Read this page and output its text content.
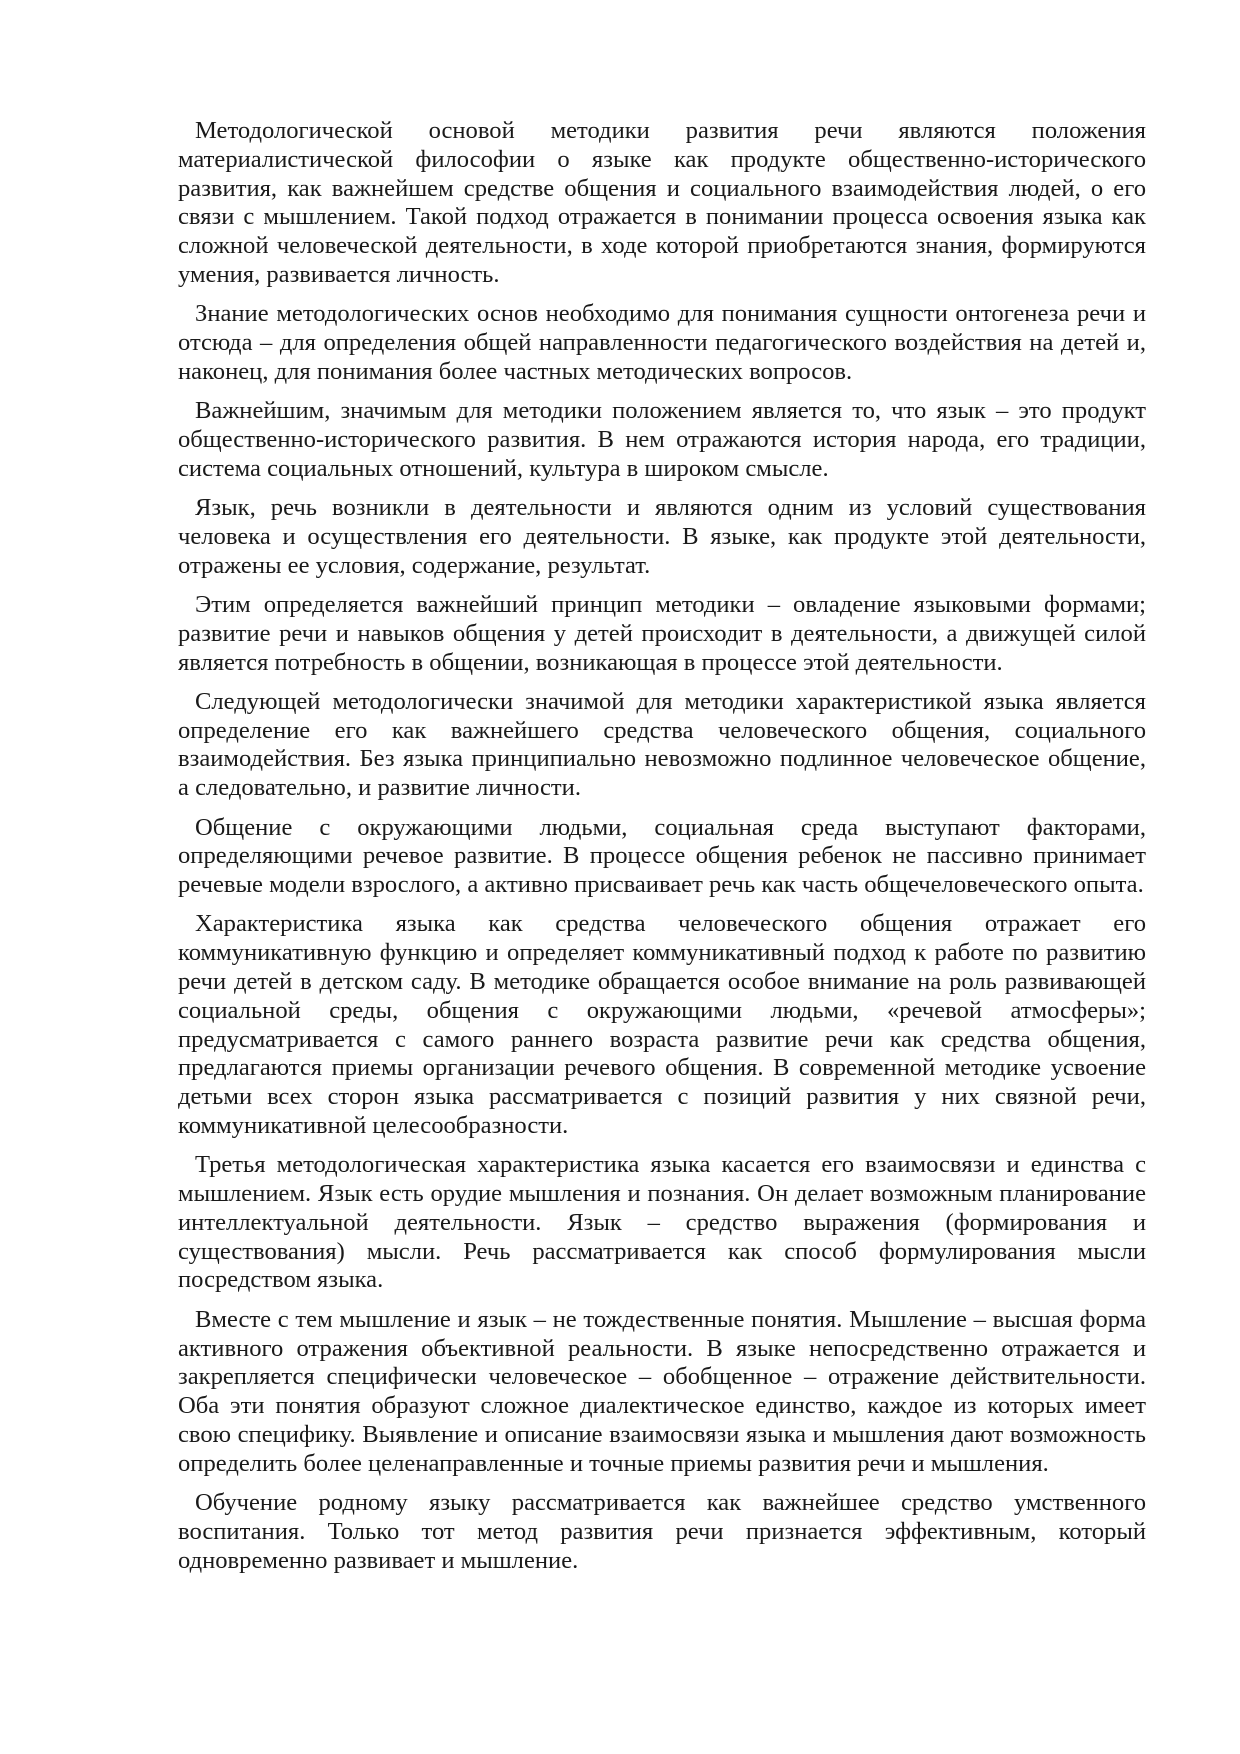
Методологической основой методики развития речи являются положения материалистической философии о языке как продукте общественно-исторического развития, как важнейшем средстве общения и социального взаимодействия людей, о его связи с мышлением. Такой подход отражается в понимании процесса освоения языка как сложной человеческой деятельности, в ходе которой приобретаются знания, формируются умения, развивается личность.

Знание методологических основ необходимо для понимания сущности онтогенеза речи и отсюда – для определения общей направленности педагогического воздействия на детей и, наконец, для понимания более частных методических вопросов.

Важнейшим, значимым для методики положением является то, что язык – это продукт общественно-исторического развития. В нем отражаются история народа, его традиции, система социальных отношений, культура в широком смысле.

Язык, речь возникли в деятельности и являются одним из условий существования человека и осуществления его деятельности. В языке, как продукте этой деятельности, отражены ее условия, содержание, результат.

Этим определяется важнейший принцип методики – овладение языковыми формами; развитие речи и навыков общения у детей происходит в деятельности, а движущей силой является потребность в общении, возникающая в процессе этой деятельности.

Следующей методологически значимой для методики характеристикой языка является определение его как важнейшего средства человеческого общения, социального взаимодействия. Без языка принципиально невозможно подлинное человеческое общение, а следовательно, и развитие личности.

Общение с окружающими людьми, социальная среда выступают факторами, определяющими речевое развитие. В процессе общения ребенок не пассивно принимает речевые модели взрослого, а активно присваивает речь как часть общечеловеческого опыта.

Характеристика языка как средства человеческого общения отражает его коммуникативную функцию и определяет коммуникативный подход к работе по развитию речи детей в детском саду. В методике обращается особое внимание на роль развивающей социальной среды, общения с окружающими людьми, «речевой атмосферы»; предусматривается с самого раннего возраста развитие речи как средства общения, предлагаются приемы организации речевого общения. В современной методике усвоение детьми всех сторон языка рассматривается с позиций развития у них связной речи, коммуникативной целесообразности.

Третья методологическая характеристика языка касается его взаимосвязи и единства с мышлением. Язык есть орудие мышления и познания. Он делает возможным планирование интеллектуальной деятельности. Язык – средство выражения (формирования и существования) мысли. Речь рассматривается как способ формулирования мысли посредством языка.

Вместе с тем мышление и язык – не тождественные понятия. Мышление – высшая форма активного отражения объективной реальности. В языке непосредственно отражается и закрепляется специфически человеческое – обобщенное – отражение действительности. Оба эти понятия образуют сложное диалектическое единство, каждое из которых имеет свою специфику. Выявление и описание взаимосвязи языка и мышления дают возможность определить более целенаправленные и точные приемы развития речи и мышления.

Обучение родному языку рассматривается как важнейшее средство умственного воспитания. Только тот метод развития речи признается эффективным, который одновременно развивает и мышление.
